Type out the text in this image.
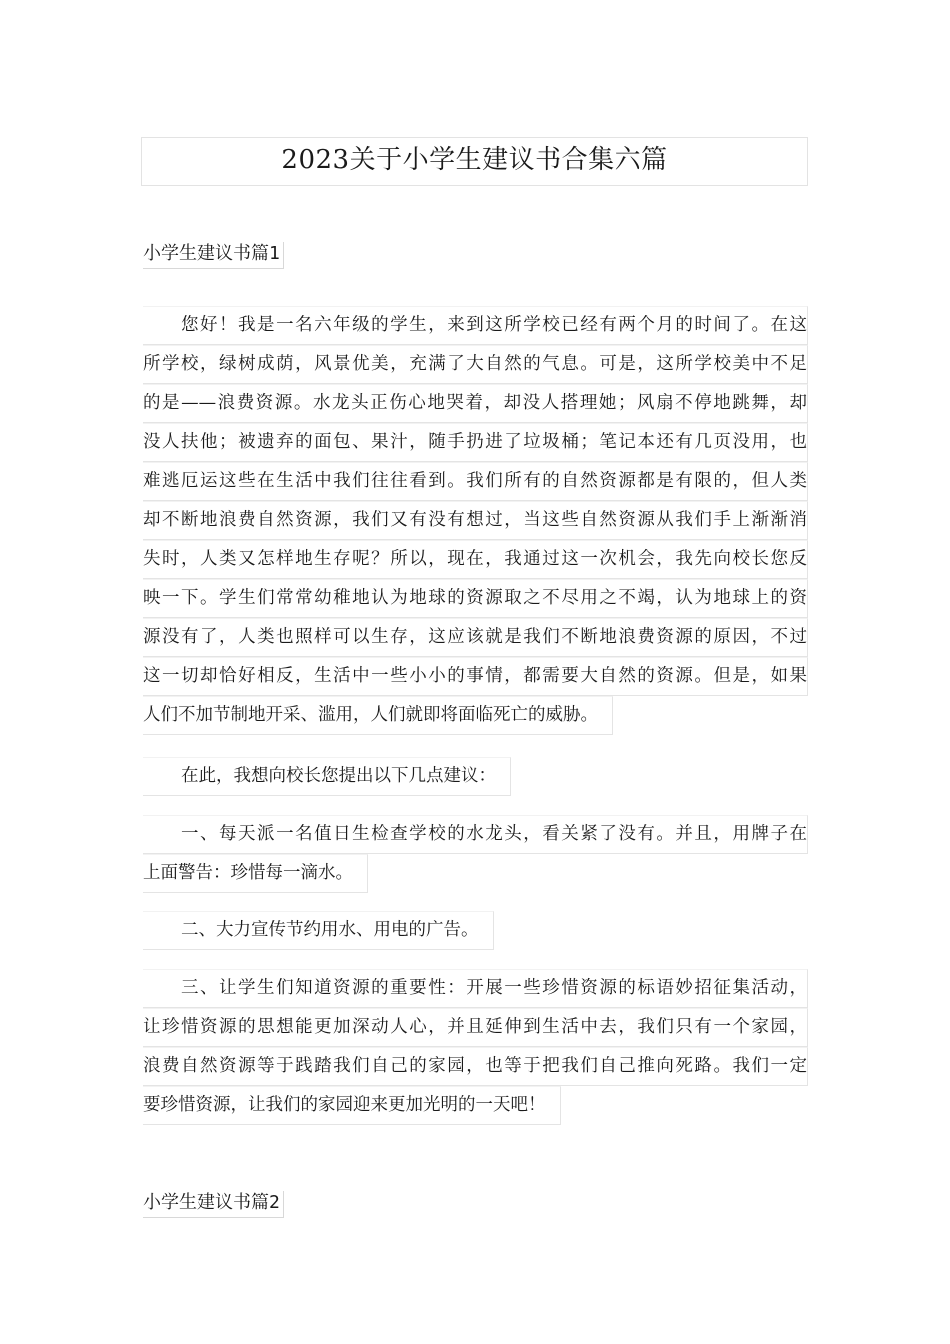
2023关于小学生建议书合集六篇
小学生建议书篇1
您好！我是一名六年级的学生，来到这所学校已经有两个月的时间了。在这
所学校，绿树成荫，风景优美，充满了大自然的气息。可是，这所学校美中不足
的是——浪费资源。水龙头正伤心地哭着，却没人搭理她；风扇不停地跳舞，却
没人扶他；被遗弃的面包、果汁，随手扔进了垃圾桶；笔记本还有几页没用，也
难逃厄运这些在生活中我们往往看到。我们所有的自然资源都是有限的，但人类
却不断地浪费自然资源，我们又有没有想过，当这些自然资源从我们手上渐渐消
失时，人类又怎样地生存呢？所以，现在，我通过这一次机会，我先向校长您反
映一下。学生们常常幼稚地认为地球的资源取之不尽用之不竭，认为地球上的资
源没有了，人类也照样可以生存，这应该就是我们不断地浪费资源的原因，不过
这一切却恰好相反，生活中一些小小的事情，都需要大自然的资源。但是，如果
人们不加节制地开采、滥用，人们就即将面临死亡的威胁。
在此，我想向校长您提出以下几点建议：
一、每天派一名值日生检查学校的水龙头，看关紧了没有。并且，用牌子在
上面警告：珍惜每一滴水。
二、大力宣传节约用水、用电的广告。
三、让学生们知道资源的重要性：开展一些珍惜资源的标语妙招征集活动，
让珍惜资源的思想能更加深动人心，并且延伸到生活中去，我们只有一个家园，
浪费自然资源等于践踏我们自己的家园，也等于把我们自己推向死路。我们一定
要珍惜资源，让我们的家园迎来更加光明的一天吧！
小学生建议书篇2
